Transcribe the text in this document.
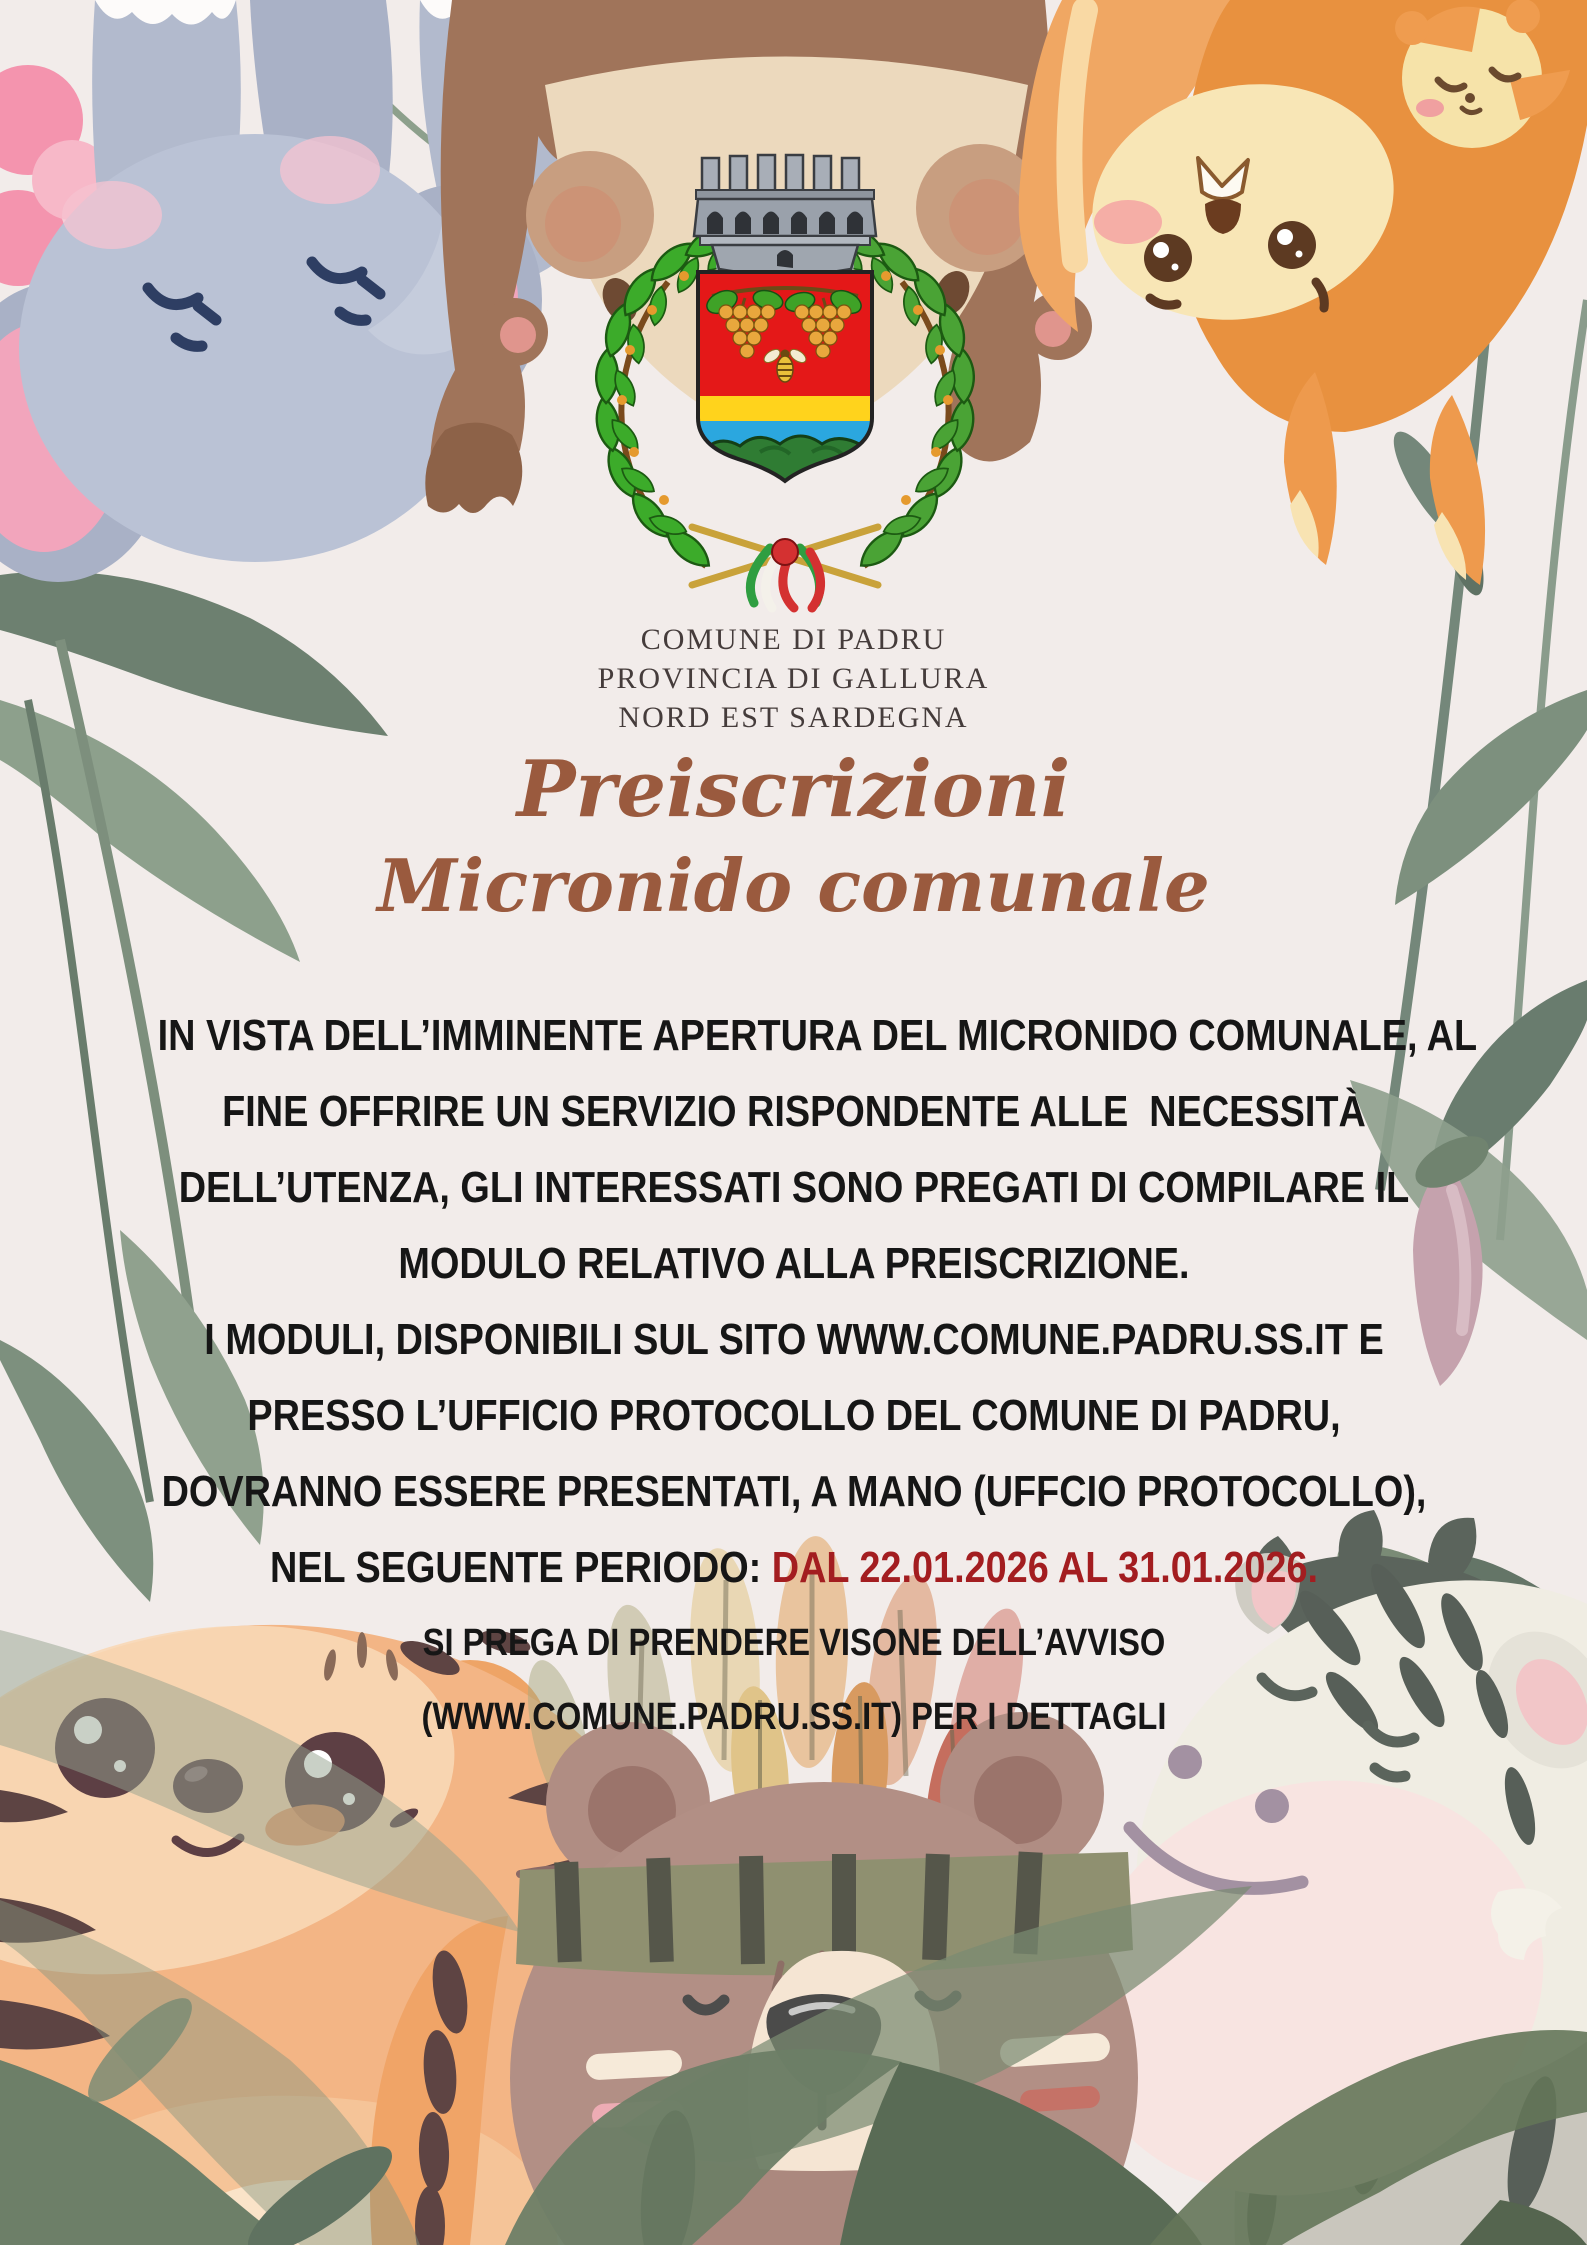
COMUNE DI PADRU

PROVINCIA DI GALLURA

NORD EST SARDEGNA

Preiscrizioni

Micronido comunale

IN VISTA DELL’IMMINENTE APERTURA DEL MICRONIDO COMUNALE, AL

FINE OFFRIRE UN SERVIZIO RISPONDENTE ALLE  NECESSITÀ

DELL’UTENZA, GLI INTERESSATI SONO PREGATI DI COMPILARE IL

MODULO RELATIVO ALLA PREISCRIZIONE.

I MODULI, DISPONIBILI SUL SITO WWW.COMUNE.PADRU.SS.IT E

PRESSO L’UFFICIO PROTOCOLLO DEL COMUNE DI PADRU,

DOVRANNO ESSERE PRESENTATI, A MANO (UFFCIO PROTOCOLLO),

NEL SEGUENTE PERIODO: DAL 22.01.2026 AL 31.01.2026.

SI PREGA DI PRENDERE VISONE DELL’AVVISO

(WWW.COMUNE.PADRU.SS.IT) PER I DETTAGLI
